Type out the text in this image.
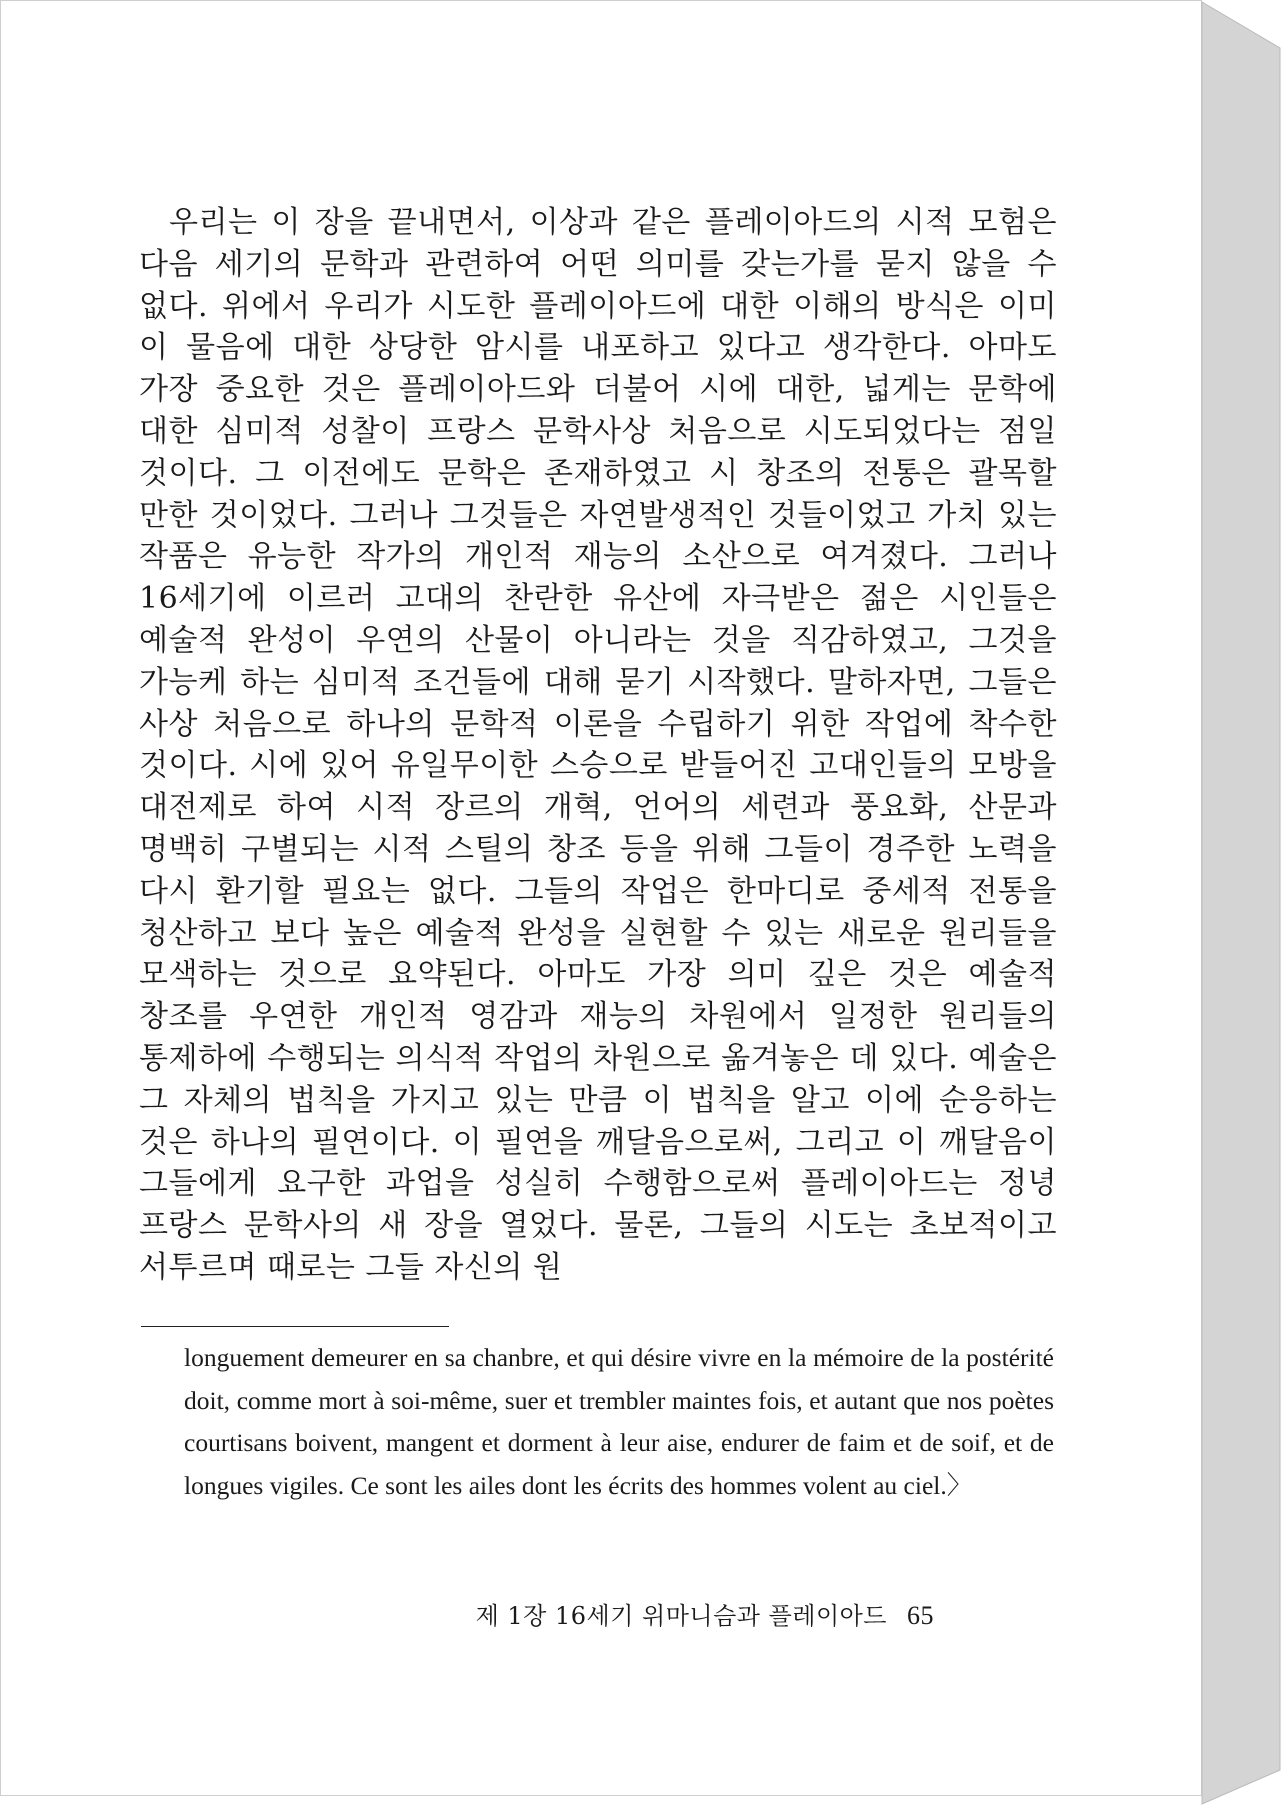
우리는 이 장을 끝내면서, 이상과 같은 플레이아드의 시적 모험은 다음 세기의 문학과 관련하여 어떤 의미를 갖는가를 묻지 않을 수 없다. 위에서 우리가 시도한 플레이아드에 대한 이해의 방식은 이미 이 물음에 대한 상당한 암시를 내포하고 있다고 생각한다. 아마도 가장 중요한 것은 플레이아드와 더불어 시에 대한, 넓게는 문학에 대한 심미적 성찰이 프랑스 문학사상 처음으로 시도되었다는 점일 것이다. 그 이전에도 문학은 존재하였고 시 창조의 전통은 괄목할 만한 것이었다. 그러나 그것들은 자연발생적인 것들이었고 가치 있는 작품은 유능한 작가의 개인적 재능의 소산으로 여겨졌다. 그러나 16세기에 이르러 고대의 찬란한 유산에 자극받은 젊은 시인들은 예술적 완성이 우연의 산물이 아니라는 것을 직감하였고, 그것을 가능케 하는 심미적 조건들에 대해 묻기 시작했다. 말하자면, 그들은 사상 처음으로 하나의 문학적 이론을 수립하기 위한 작업에 착수한 것이다. 시에 있어 유일무이한 스승으로 받들어진 고대인들의 모방을 대전제로 하여 시적 장르의 개혁, 언어의 세련과 풍요화, 산문과 명백히 구별되는 시적 스틸의 창조 등을 위해 그들이 경주한 노력을 다시 환기할 필요는 없다. 그들의 작업은 한마디로 중세적 전통을 청산하고 보다 높은 예술적 완성을 실현할 수 있는 새로운 원리들을 모색하는 것으로 요약된다. 아마도 가장 의미 깊은 것은 예술적 창조를 우연한 개인적 영감과 재능의 차원에서 일정한 원리들의 통제하에 수행되는 의식적 작업의 차원으로 옮겨놓은 데 있다. 예술은 그 자체의 법칙을 가지고 있는 만큼 이 법칙을 알고 이에 순응하는 것은 하나의 필연이다. 이 필연을 깨달음으로써, 그리고 이 깨달음이 그들에게 요구한 과업을 성실히 수행함으로써 플레이아드는 정녕 프랑스 문학사의 새 장을 열었다. 물론, 그들의 시도는 초보적이고 서투르며 때로는 그들 자신의 원

longuement demeurer en sa chanbre, et qui désire vivre en la mémoire de la postérité doit, comme mort à soi-même, suer et trembler maintes fois, et autant que nos poètes courtisans boivent, mangent et dorment à leur aise, endurer de faim et de soif, et de longues vigiles. Ce sont les ailes dont les écrits des hommes volent au ciel.〉

제 1장 16세기 위마니슴과 플레이아드 65
